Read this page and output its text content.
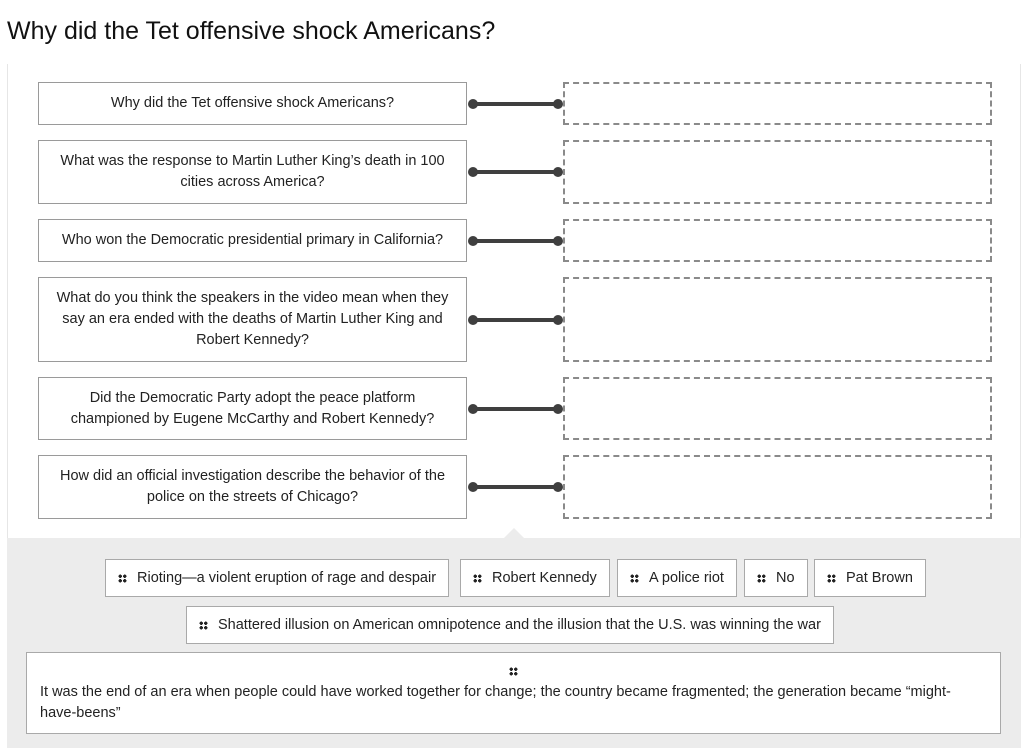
Why did the Tet offensive shock Americans?
Why did the Tet offensive shock Americans?
What was the response to Martin Luther King’s death in 100 cities across America?
Who won the Democratic presidential primary in California?
What do you think the speakers in the video mean when they say an era ended with the deaths of Martin Luther King and Robert Kennedy?
Did the Democratic Party adopt the peace platform championed by Eugene McCarthy and Robert Kennedy?
How did an official investigation describe the behavior of the police on the streets of Chicago?
Rioting—a violent eruption of rage and despair	Robert Kennedy	A police riot	No	Pat Brown
Shattered illusion on American omnipotence and the illusion that the U.S. was winning the war
It was the end of an era when people could have worked together for change; the country became fragmented; the generation became “might-have-beens”
